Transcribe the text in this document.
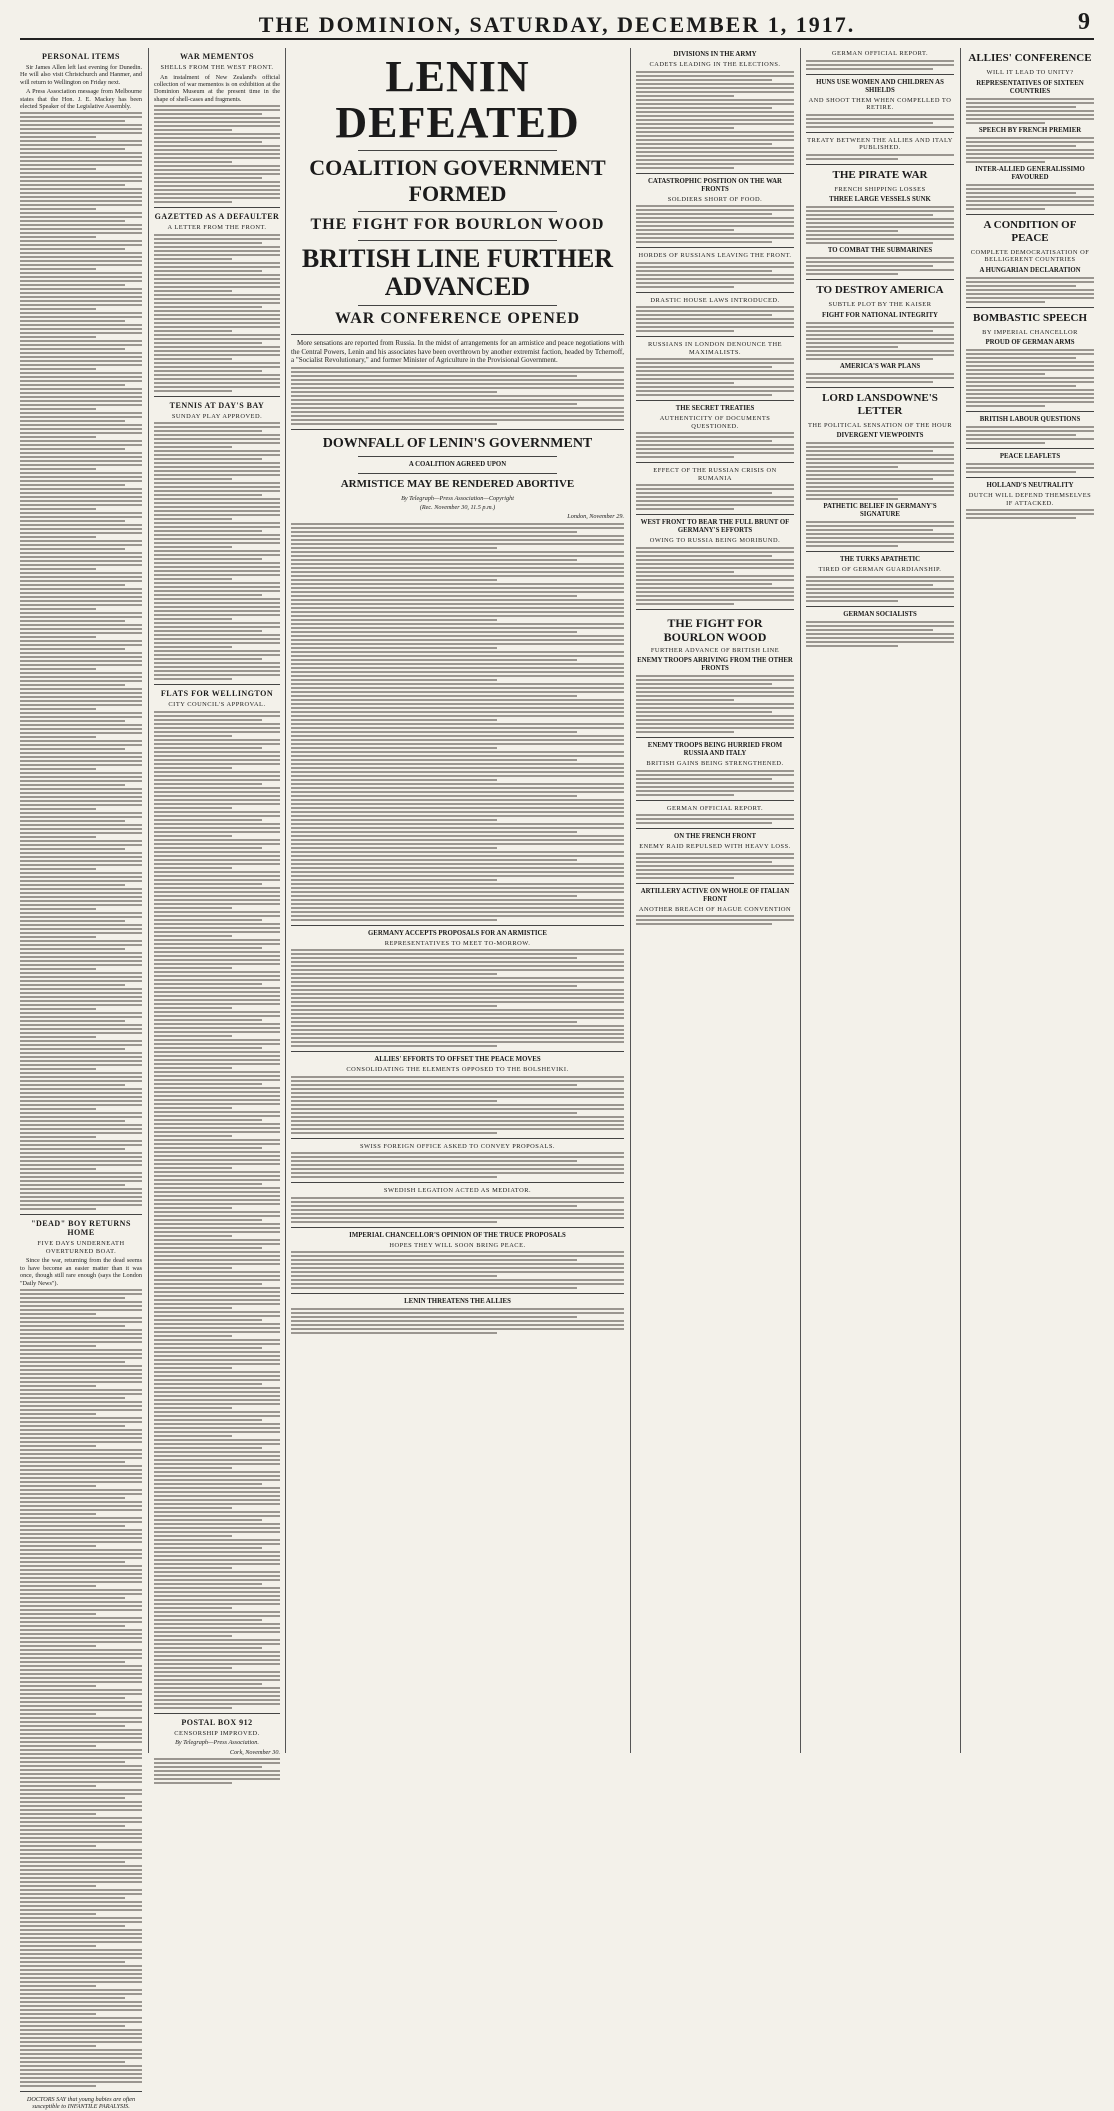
THE DOMINION, SATURDAY, DECEMBER 1, 1917.	9
PERSONAL ITEMS

Sir James Allen left last evening for Dunedin. He will also visit Christchurch and Hanmer, and will return to Wellington on Friday next.

A Press Association message from Melbourne states that the Hon. J. E. Mackey has been elected Speaker of the Legislative Assembly.

"DEAD" BOY RETURNS HOME
FIVE DAYS UNDERNEATH OVERTURNED BOAT.

Since the war, returning from the dead seems to have become an easier matter than it was once, though still rare enough (says the London "Daily News").

DOCTORS SAY that young babies are often susceptible to INFANTILE PARALYSIS.

WAR MEMENTOS
SHELLS FROM THE WEST FRONT.

An instalment of New Zealand's official collection of war mementos is on exhibition at the Dominion Museum at the present time in the shape of shell-cases and fragments.

GAZETTED AS A DEFAULTER
A LETTER FROM THE FRONT.
TENNIS AT DAY'S BAY
SUNDAY PLAY APPROVED.
FLATS FOR WELLINGTON
CITY COUNCIL'S APPROVAL.
POSTAL BOX 912
CENSORSHIP IMPROVED.

By Telegraph—Press Association.

Cork, November 30.

LENIN DEFEATED
COALITION GOVERNMENT FORMED
THE FIGHT FOR BOURLON WOOD
BRITISH LINE FURTHER ADVANCED
WAR CONFERENCE OPENED

More sensations are reported from Russia. In the midst of arrangements for an armistice and peace negotiations with the Central Powers, Lenin and his associates have been overthrown by another extremist faction, headed by Tchernoff, a "Socialist Revolutionary," and former Minister of Agriculture in the Provisional Government.

DOWNFALL OF LENIN'S GOVERNMENT
A COALITION AGREED UPON
ARMISTICE MAY BE RENDERED ABORTIVE

By Telegraph—Press Association—Copyright

(Rec. November 30, 11.5 p.m.)

London, November 29.

GERMANY ACCEPTS PROPOSALS FOR AN ARMISTICE
REPRESENTATIVES TO MEET TO-MORROW.
ALLIES' EFFORTS TO OFFSET THE PEACE MOVES
CONSOLIDATING THE ELEMENTS OPPOSED TO THE BOLSHEVIKI.
SWISS FOREIGN OFFICE ASKED TO CONVEY PROPOSALS.
SWEDISH LEGATION ACTED AS MEDIATOR.
IMPERIAL CHANCELLOR'S OPINION OF THE TRUCE PROPOSALS
HOPES THEY WILL SOON BRING PEACE.
LENIN THREATENS THE ALLIES
DIVISIONS IN THE ARMY
CADETS LEADING IN THE ELECTIONS.
CATASTROPHIC POSITION ON THE WAR FRONTS
SOLDIERS SHORT OF FOOD.
HORDES OF RUSSIANS LEAVING THE FRONT.
DRASTIC HOUSE LAWS INTRODUCED.
RUSSIANS IN LONDON DENOUNCE THE MAXIMALISTS.
THE SECRET TREATIES
AUTHENTICITY OF DOCUMENTS QUESTIONED.
EFFECT OF THE RUSSIAN CRISIS ON RUMANIA
WEST FRONT TO BEAR THE FULL BRUNT OF GERMANY'S EFFORTS
OWING TO RUSSIA BEING MORIBUND.
THE FIGHT FOR BOURLON WOOD
FURTHER ADVANCE OF BRITISH LINE
ENEMY TROOPS ARRIVING FROM THE OTHER FRONTS
ENEMY TROOPS BEING HURRIED FROM RUSSIA AND ITALY
BRITISH GAINS BEING STRENGTHENED.
GERMAN OFFICIAL REPORT.
ON THE FRENCH FRONT
ENEMY RAID REPULSED WITH HEAVY LOSS.
ARTILLERY ACTIVE ON WHOLE OF ITALIAN FRONT
ANOTHER BREACH OF HAGUE CONVENTION
GERMAN OFFICIAL REPORT.
HUNS USE WOMEN AND CHILDREN AS SHIELDS
AND SHOOT THEM WHEN COMPELLED TO RETIRE.
TREATY BETWEEN THE ALLIES AND ITALY PUBLISHED.
THE PIRATE WAR
FRENCH SHIPPING LOSSES
THREE LARGE VESSELS SUNK
TO COMBAT THE SUBMARINES
TO DESTROY AMERICA
SUBTLE PLOT BY THE KAISER
FIGHT FOR NATIONAL INTEGRITY
AMERICA'S WAR PLANS
LORD LANSDOWNE'S LETTER
THE POLITICAL SENSATION OF THE HOUR
DIVERGENT VIEWPOINTS
PATHETIC BELIEF IN GERMANY'S SIGNATURE
THE TURKS APATHETIC
TIRED OF GERMAN GUARDIANSHIP.
GERMAN SOCIALISTS
ALLIES' CONFERENCE
WILL IT LEAD TO UNITY?
REPRESENTATIVES OF SIXTEEN COUNTRIES
SPEECH BY FRENCH PREMIER
INTER-ALLIED GENERALISSIMO FAVOURED
A CONDITION OF PEACE
COMPLETE DEMOCRATISATION OF BELLIGERENT COUNTRIES
A HUNGARIAN DECLARATION
BOMBASTIC SPEECH
BY IMPERIAL CHANCELLOR
PROUD OF GERMAN ARMS
BRITISH LABOUR QUESTIONS
PEACE LEAFLETS
HOLLAND'S NEUTRALITY
DUTCH WILL DEFEND THEMSELVES IF ATTACKED.
